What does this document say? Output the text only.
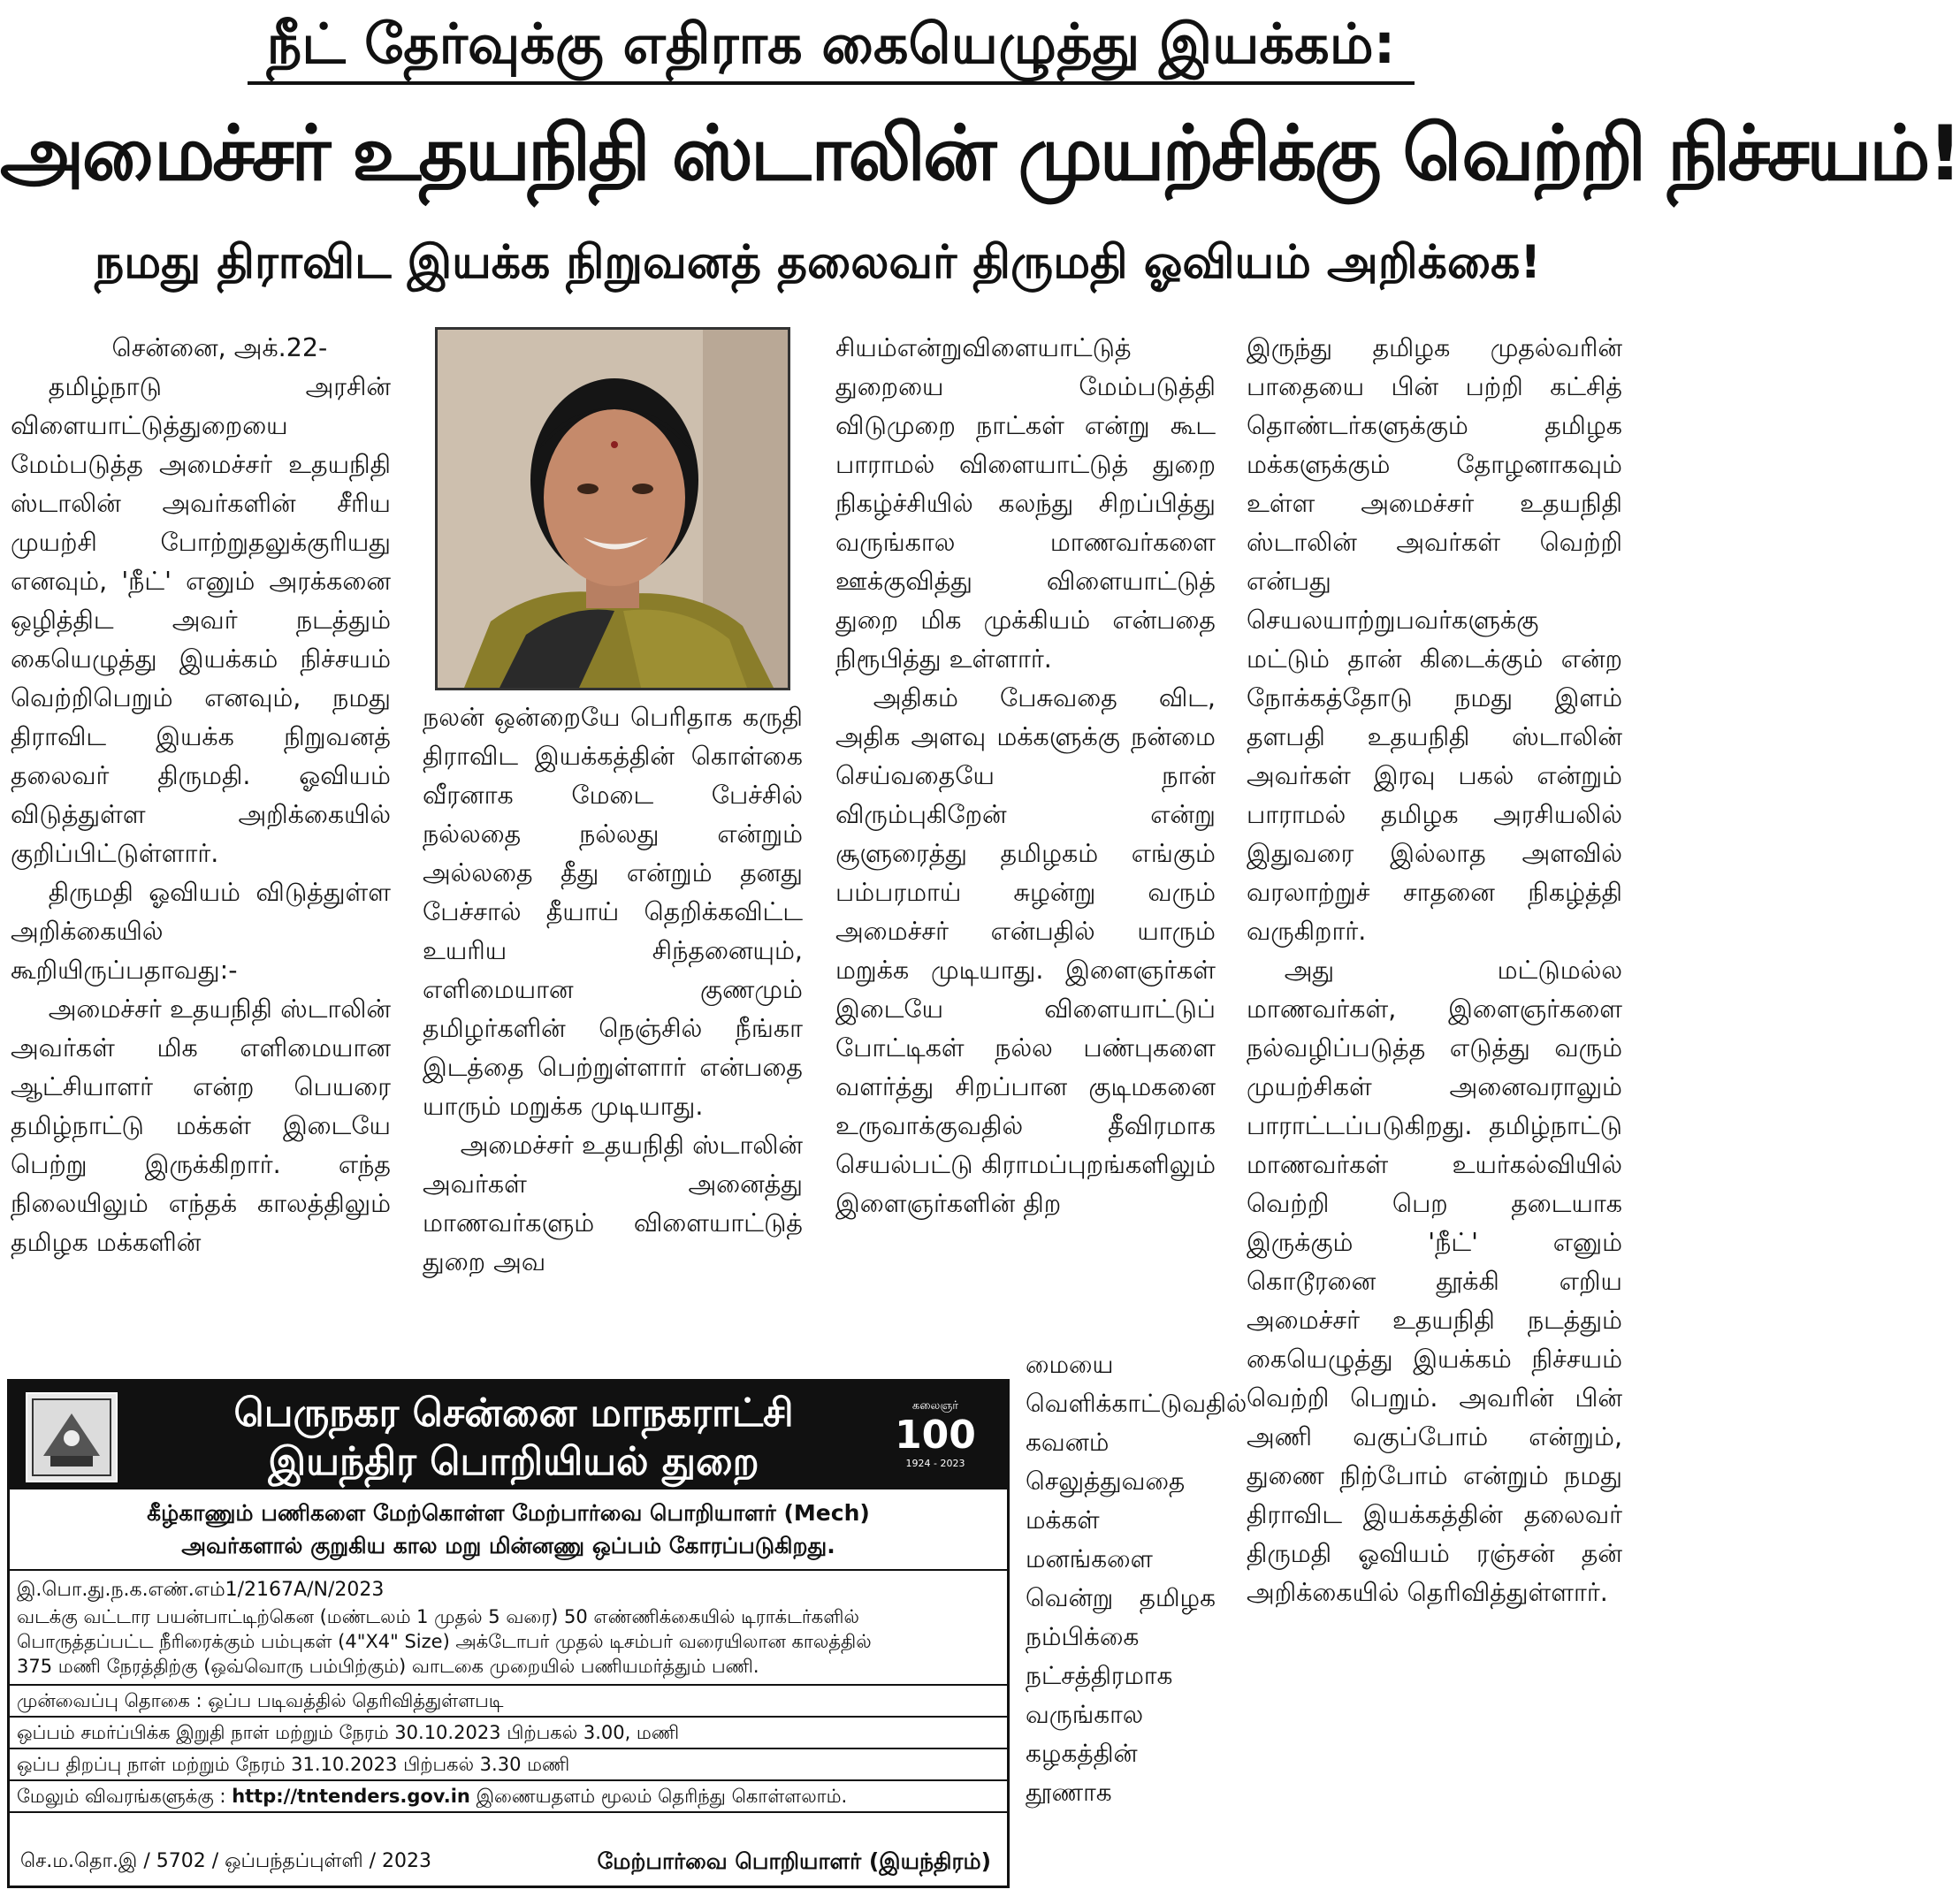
நீட் தேர்வுக்கு எதிராக கையெழுத்து இயக்கம்:
அமைச்சர் உதயநிதி ஸ்டாலின் முயற்சிக்கு வெற்றி நிச்சயம்!
நமது திராவிட இயக்க நிறுவனத் தலைவர் திருமதி ஓவியம் அறிக்கை!

சென்னை, அக்.22-

தமிழ்நாடு அரசின் விளையாட்டுத்துறையை மேம்படுத்த அமைச்சர் உதயநிதி ஸ்டாலின் அவர்களின் சீரிய முயற்சி போற்றுதலுக்குரியது எனவும், 'நீட்' எனும் அரக்கனை ஒழித்திட அவர் நடத்தும் கையெழுத்து இயக்கம் நிச்சயம் வெற்றிபெறும் எனவும், நமது திராவிட இயக்க நிறுவனத் தலைவர் திருமதி. ஓவியம் விடுத்துள்ள அறிக்கையில் குறிப்பிட்டுள்ளார்.

திருமதி ஓவியம் விடுத்துள்ள அறிக்கையில் கூறியிருப்பதாவது:-

அமைச்சர் உதயநிதி ஸ்டாலின் அவர்கள் மிக எளிமையான ஆட்சியாளர் என்ற பெயரை தமிழ்நாட்டு மக்கள் இடையே பெற்று இருக்கிறார். எந்த நிலையிலும் எந்தக் காலத்திலும் தமிழக மக்களின்

நலன் ஒன்றையே பெரிதாக கருதி திராவிட இயக்கத்தின் கொள்கை வீரனாக மேடை பேச்சில் நல்லதை நல்லது என்றும் அல்லதை தீது என்றும் தனது பேச்சால் தீயாய் தெறிக்கவிட்ட உயரிய சிந்தனையும், எளிமையான குணமும் தமிழர்களின் நெஞ்சில் நீங்கா இடத்தை பெற்றுள்ளார் என்பதை யாரும் மறுக்க முடியாது.

அமைச்சர் உதயநிதி ஸ்டாலின் அவர்கள் அனைத்து மாணவர்களும் விளையாட்டுத் துறை அவ

சியம்என்றுவிளையாட்டுத் துறையை மேம்படுத்தி விடுமுறை நாட்கள் என்று கூட பாராமல் விளையாட்டுத் துறை நிகழ்ச்சியில் கலந்து சிறப்பித்து வருங்கால மாணவர்களை ஊக்குவித்து விளையாட்டுத் துறை மிக முக்கியம் என்பதை நிரூபித்து உள்ளார்.

அதிகம் பேசுவதை விட, அதிக அளவு மக்களுக்கு நன்மை செய்வதையே நான் விரும்புகிறேன் என்று சூளுரைத்து தமிழகம் எங்கும் பம்பரமாய் சுழன்று வரும் அமைச்சர் என்பதில் யாரும் மறுக்க முடியாது. இளைஞர்கள் இடையே விளையாட்டுப் போட்டிகள் நல்ல பண்புகளை வளர்த்து சிறப்பான குடிமகனை உருவாக்குவதில் தீவிரமாக செயல்பட்டு கிராமப்புறங்களிலும் இளைஞர்களின் திற

மையை வெளிக்காட்டுவதில் கவனம் செலுத்துவதை மக்கள் மனங்களை வென்று தமிழக நம்பிக்கை நட்சத்திரமாக வருங்கால கழகத்தின் தூணாக

இருந்து தமிழக முதல்வரின் பாதையை பின் பற்றி கட்சித் தொண்டர்களுக்கும் தமிழக மக்களுக்கும் தோழனாகவும் உள்ள அமைச்சர் உதயநிதி ஸ்டாலின் அவர்கள் வெற்றி என்பது செயலயாற்றுபவர்களுக்கு மட்டும் தான் கிடைக்கும் என்ற நோக்கத்தோடு நமது இளம் தளபதி உதயநிதி ஸ்டாலின் அவர்கள் இரவு பகல் என்றும் பாராமல் தமிழக அரசியலில் இதுவரை இல்லாத அளவில் வரலாற்றுச் சாதனை நிகழ்த்தி வருகிறார்.

அது மட்டுமல்ல மாணவர்கள், இளைஞர்களை நல்வழிப்படுத்த எடுத்து வரும் முயற்சிகள் அனைவராலும் பாராட்டப்படுகிறது. தமிழ்நாட்டு மாணவர்கள் உயர்கல்வியில் வெற்றி பெற தடையாக இருக்கும் 'நீட்' எனும் கொடூரனை தூக்கி எறிய அமைச்சர் உதயநிதி நடத்தும் கையெழுத்து இயக்கம் நிச்சயம் வெற்றி பெறும். அவரின் பின் அணி வகுப்போம் என்றும், துணை நிற்போம் என்றும் நமது திராவிட இயக்கத்தின் தலைவர் திருமதி ஓவியம் ரஞ்சன் தன் அறிக்கையில் தெரிவித்துள்ளார்.

பெருநகர சென்னை மாநகராட்சி
இயந்திர பொறியியல் துறை
கலைஞர்
100
1924 - 2023
கீழ்காணும் பணிகளை மேற்கொள்ள மேற்பார்வை பொறியாளர் (Mech)
அவர்களால் குறுகிய கால மறு மின்னணு ஒப்பம் கோரப்படுகிறது.
இ.பொ.து.ந.க.எண்.எம்1/2167A/N/2023
வடக்கு வட்டார பயன்பாட்டிற்கென (மண்டலம் 1 முதல் 5 வரை) 50 எண்ணிக்கையில் டிராக்டர்களில்
பொருத்தப்பட்ட நீரிரைக்கும் பம்புகள் (4"X4" Size) அக்டோபர் முதல் டிசம்பர் வரையிலான காலத்தில்
375 மணி நேரத்திற்கு (ஒவ்வொரு பம்பிற்கும்) வாடகை முறையில் பணியமர்த்தும் பணி.
முன்வைப்பு தொகை : ஒப்ப படிவத்தில் தெரிவித்துள்ளபடி
ஒப்பம் சமர்ப்பிக்க இறுதி நாள் மற்றும் நேரம் 30.10.2023 பிற்பகல் 3.00, மணி
ஒப்ப திறப்பு நாள் மற்றும் நேரம் 31.10.2023 பிற்பகல் 3.30 மணி
மேலும் விவரங்களுக்கு : http://tntenders.gov.in இணையதளம் மூலம் தெரிந்து கொள்ளலாம்.
செ.ம.தொ.இ / 5702 / ஒப்பந்தப்புள்ளி / 2023	மேற்பார்வை பொறியாளர் (இயந்திரம்)
